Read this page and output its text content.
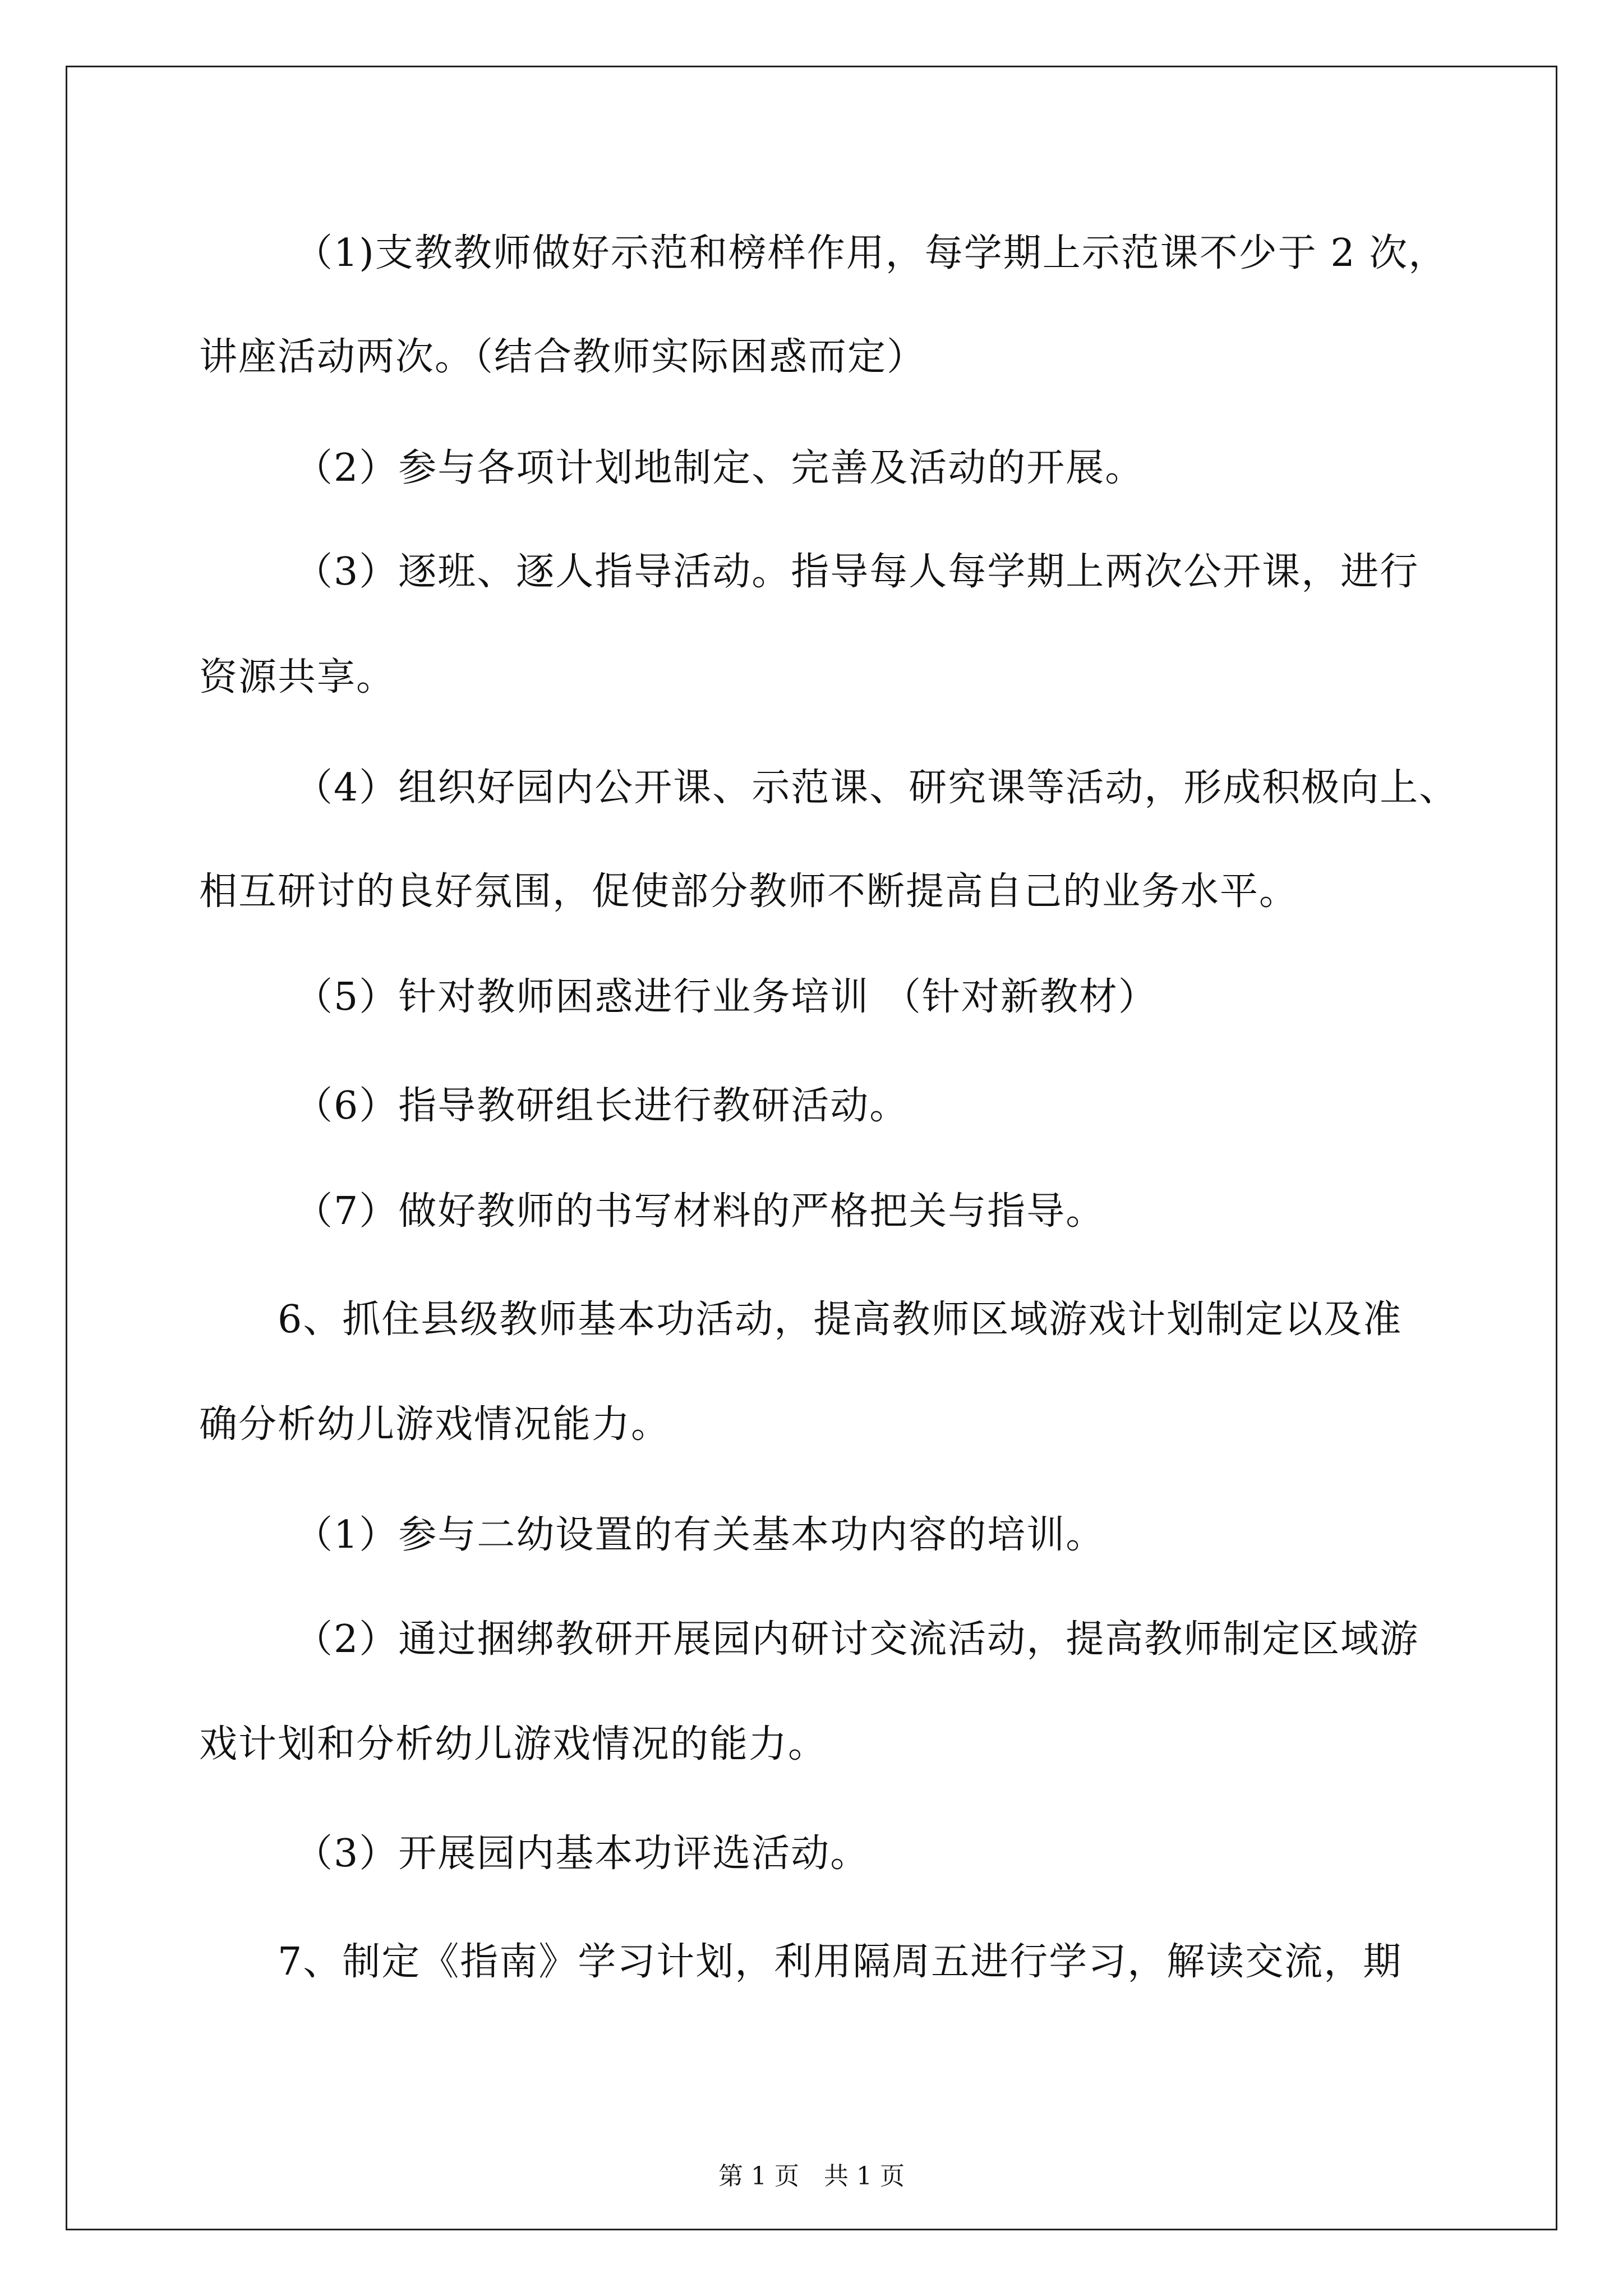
（1)支教教师做好示范和榜样作用，每学期上示范课不少于 2 次，
讲座活动两次。（结合教师实际困惑而定）
（2）参与各项计划地制定、完善及活动的开展。
（3）逐班、逐人指导活动。指导每人每学期上两次公开课，进行
资源共享。
（4）组织好园内公开课、示范课、研究课等活动，形成积极向上、
相互研讨的良好氛围，促使部分教师不断提高自己的业务水平。
（5）针对教师困惑进行业务培训 （针对新教材）
（6）指导教研组长进行教研活动。
（7）做好教师的书写材料的严格把关与指导。
6、抓住县级教师基本功活动，提高教师区域游戏计划制定以及准
确分析幼儿游戏情况能力。
（1）参与二幼设置的有关基本功内容的培训。
（2）通过捆绑教研开展园内研讨交流活动，提高教师制定区域游
戏计划和分析幼儿游戏情况的能力。
（3）开展园内基本功评选活动。
7、制定《指南》学习计划，利用隔周五进行学习，解读交流，期
第 1 页　共 1 页
